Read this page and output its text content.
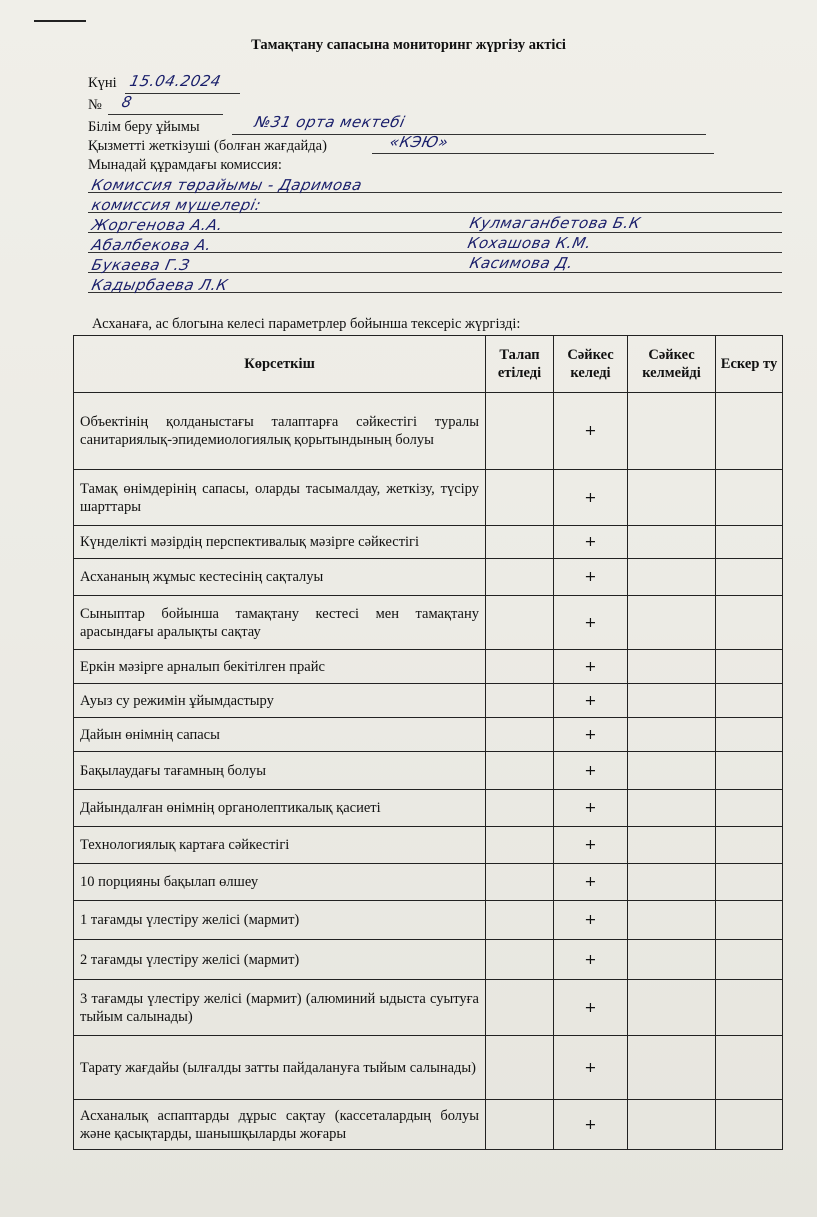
Тамақтану сапасына мониторинг жүргізу актісі
Күні 15.04.2024
№ 8
Білім беру ұйымы	№31 орта мектебі
Қызметті жеткізуші (болған жағдайда)	«КЭЮ»
Мынадай құрамдағы комиссия:
Комиссия төрайымы - Даримова
комиссия мүшелері:
Жоргенова А.А.
Абалбекова А.
Букаева Г.З
Кадырбаева Л.К
Кулмаганбетова Б.К
Кохашова К.М.
Касимова Д.
Асханаға, ас блогына келесі параметрлер бойынша тексеріс жүргізді:
Көрсеткіш	Талап етіледі	Сәйкес келеді	Сәйкес келмейді	Ескер ту
Объектінің қолданыстағы талаптарға сәйкестігі туралы санитариялық-эпидемиологиялық қорытындының болуы		+		
Тамақ өнімдерінің сапасы, оларды тасымалдау, жеткізу, түсіру шарттары		+		
Күнделікті мәзірдің перспективалық мәзірге сәйкестігі		+		
Асхананың жұмыс кестесінің сақталуы		+		
Сыныптар бойынша тамақтану кестесі мен тамақтану арасындағы аралықты сақтау		+		
Еркін мәзірге арналып бекітілген прайс		+		
Ауыз су режимін ұйымдастыру		+		
Дайын өнімнің сапасы		+		
Бақылаудағы тағамның болуы		+		
Дайындалған өнімнің органолептикалық қасиеті		+		
Технологиялық картаға сәйкестігі		+		
10 порцияны бақылап өлшеу		+		
1 тағамды үлестіру желісі (мармит)		+		
2 тағамды үлестіру желісі (мармит)		+		
3 тағамды үлестіру желісі (мармит) (алюминий ыдыста суытуға тыйым салынады)		+		
Тарату жағдайы (ылғалды затты пайдалануға тыйым салынады)		+		
Асханалық аспаптарды дұрыс сақтау (кассеталардың болуы және қасықтарды, шанышқыларды жоғары		+		
